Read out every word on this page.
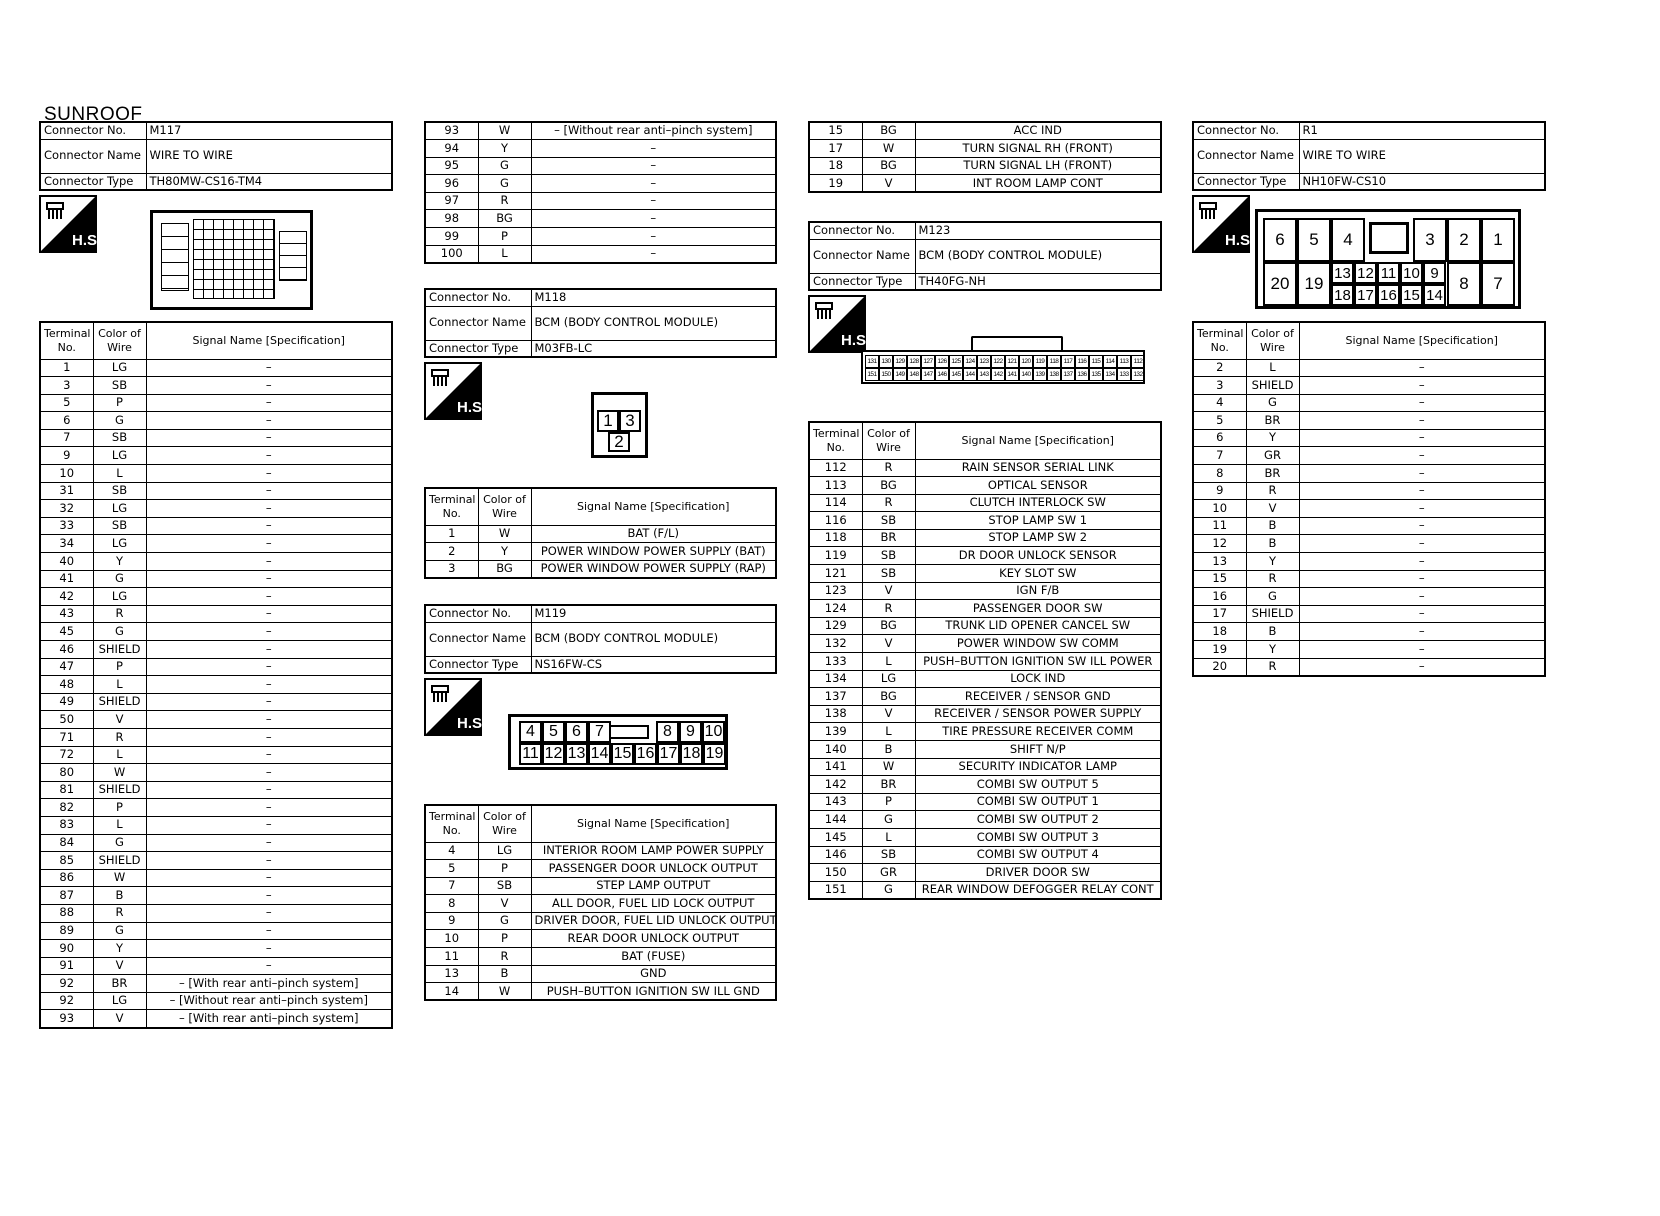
SUNROOF
Connector No.	M117
Connector Name	WIRE TO WIRE
Connector Type	TH80MW-CS16-TM4
H.S.
Terminal No.	Color of Wire	Signal Name [Specification]
1	LG	–
3	SB	–
5	P	–
6	G	–
7	SB	–
9	LG	–
10	L	–
31	SB	–
32	LG	–
33	SB	–
34	LG	–
40	Y	–
41	G	–
42	LG	–
43	R	–
45	G	–
46	SHIELD	–
47	P	–
48	L	–
49	SHIELD	–
50	V	–
71	R	–
72	L	–
80	W	–
81	SHIELD	–
82	P	–
83	L	–
84	G	–
85	SHIELD	–
86	W	–
87	B	–
88	R	–
89	G	–
90	Y	–
91	V	–
92	BR	– [With rear anti–pinch system]
92	LG	– [Without rear anti–pinch system]
93	V	– [With rear anti–pinch system]
93	W	– [Without rear anti–pinch system]
94	Y	–
95	G	–
96	G	–
97	R	–
98	BG	–
99	P	–
100	L	–
Connector No.	M118
Connector Name	BCM (BODY CONTROL MODULE)
Connector Type	M03FB-LC
H.S.
1 3
2
Terminal No.	Color of Wire	Signal Name [Specification]
1	W	BAT (F/L)
2	Y	POWER WINDOW POWER SUPPLY (BAT)
3	BG	POWER WINDOW POWER SUPPLY (RAP)
Connector No.	M119
Connector Name	BCM (BODY CONTROL MODULE)
Connector Type	NS16FW-CS
H.S.	4 5 6 7	8 9 10
11 12 13 14 15 16 17 18 19
Terminal No.	Color of Wire	Signal Name [Specification]
4	LG	INTERIOR ROOM LAMP POWER SUPPLY
5	P	PASSENGER DOOR UNLOCK OUTPUT
7	SB	STEP LAMP OUTPUT
8	V	ALL DOOR, FUEL LID LOCK OUTPUT
9	G	DRIVER DOOR, FUEL LID UNLOCK OUTPUT
10	P	REAR DOOR UNLOCK OUTPUT
11	R	BAT (FUSE)
13	B	GND
14	W	PUSH–BUTTON IGNITION SW ILL GND
15	BG	ACC IND
17	W	TURN SIGNAL RH (FRONT)
18	BG	TURN SIGNAL LH (FRONT)
19	V	INT ROOM LAMP CONT
Connector No.	M123
Connector Name	BCM (BODY CONTROL MODULE)
Connector Type	TH40FG-NH
H.S.
131 130 129 128 127 126 125 124 123 122 121 120 119 118 117 116 115 114 113 112
151 150 149 148 147 146 145 144 143 142 141 140 139 138 137 136 135 134 133 132
Terminal No.	Color of Wire	Signal Name [Specification]
112	R	RAIN SENSOR SERIAL LINK
113	BG	OPTICAL SENSOR
114	R	CLUTCH INTERLOCK SW
116	SB	STOP LAMP SW 1
118	BR	STOP LAMP SW 2
119	SB	DR DOOR UNLOCK SENSOR
121	SB	KEY SLOT SW
123	V	IGN F/B
124	R	PASSENGER DOOR SW
129	BG	TRUNK LID OPENER CANCEL SW
132	V	POWER WINDOW SW COMM
133	L	PUSH–BUTTON IGNITION SW ILL POWER
134	LG	LOCK IND
137	BG	RECEIVER / SENSOR GND
138	V	RECEIVER / SENSOR POWER SUPPLY
139	L	TIRE PRESSURE RECEIVER COMM
140	B	SHIFT N/P
141	W	SECURITY INDICATOR LAMP
142	BR	COMBI SW OUTPUT 5
143	P	COMBI SW OUTPUT 1
144	G	COMBI SW OUTPUT 2
145	L	COMBI SW OUTPUT 3
146	SB	COMBI SW OUTPUT 4
150	GR	DRIVER DOOR SW
151	G	REAR WINDOW DEFOGGER RELAY CONT
Connector No.	R1
Connector Name	WIRE TO WIRE
Connector Type	NH10FW-CS10
H.S.	6	5	4	3	2	1
20 19
13 12 11 10 9
18 17 16 15 14
8	7
Terminal No.	Color of Wire	Signal Name [Specification]
2	L	–
3	SHIELD	–
4	G	–
5	BR	–
6	Y	–
7	GR	–
8	BR	–
9	R	–
10	V	–
11	B	–
12	B	–
13	Y	–
15	R	–
16	G	–
17	SHIELD	–
18	B	–
19	Y	–
20	R	–
